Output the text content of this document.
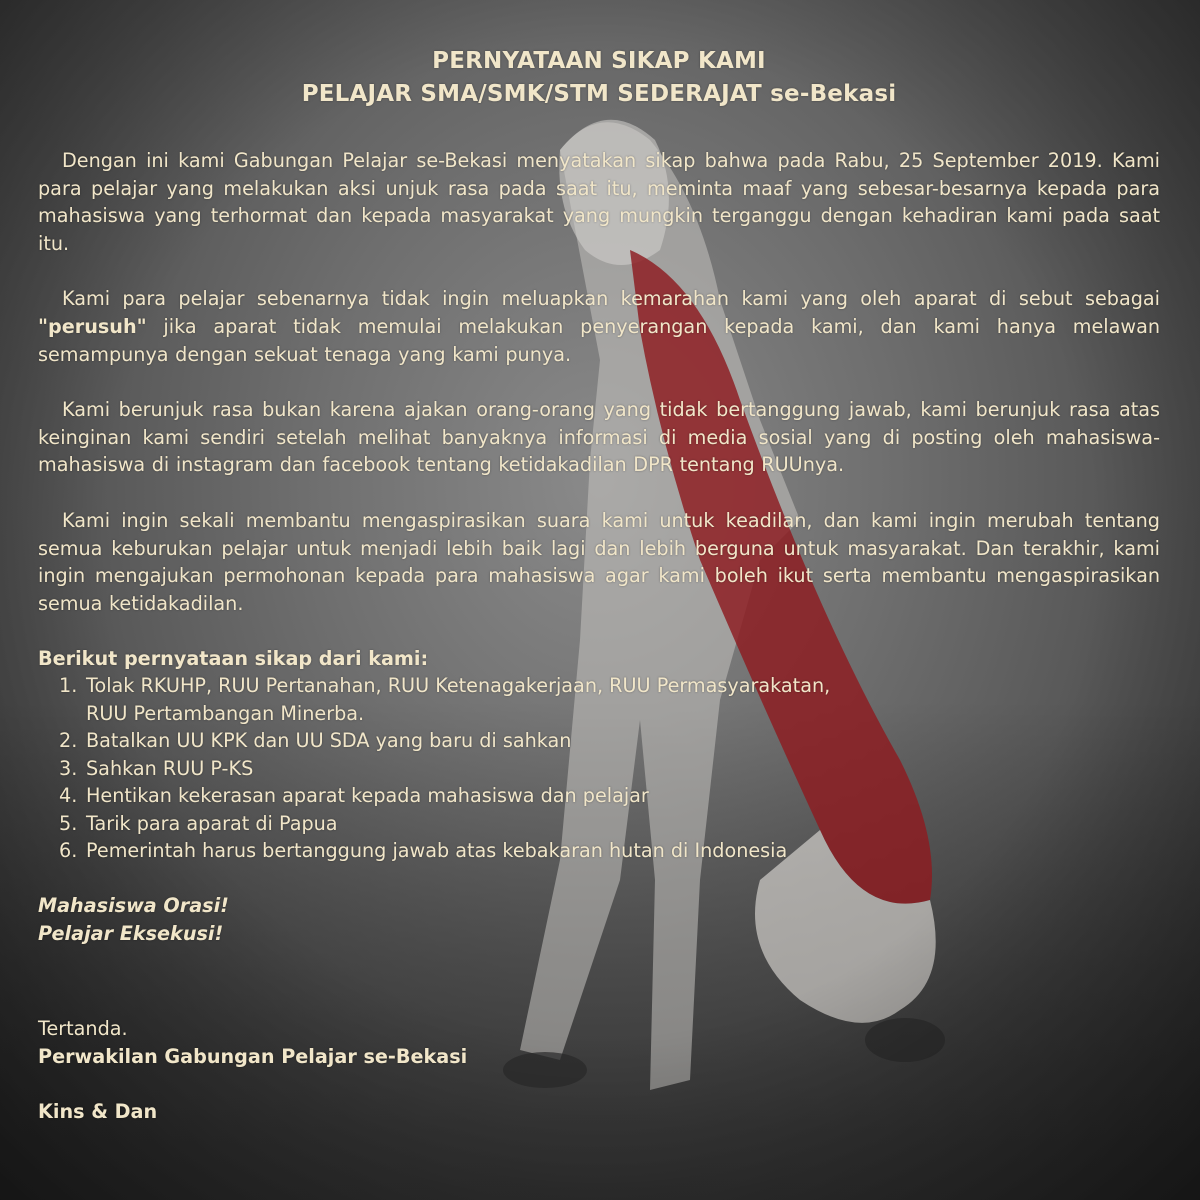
PERNYATAAN SIKAP KAMI
PELAJAR SMA/SMK/STM SEDERAJAT se-Bekasi

Dengan ini kami Gabungan Pelajar se-Bekasi menyatakan sikap bahwa pada Rabu, 25 September 2019. Kami para pelajar yang melakukan aksi unjuk rasa pada saat itu, meminta maaf yang sebesar-besarnya kepada para mahasiswa yang terhormat dan kepada masyarakat yang mungkin terganggu dengan kehadiran kami pada saat itu.

Kami para pelajar sebenarnya tidak ingin meluapkan kemarahan kami yang oleh aparat di sebut sebagai "perusuh" jika aparat tidak memulai melakukan penyerangan kepada kami, dan kami hanya melawan semampunya dengan sekuat tenaga yang kami punya.

Kami berunjuk rasa bukan karena ajakan orang-orang yang tidak bertanggung jawab, kami berunjuk rasa atas keinginan kami sendiri setelah melihat banyaknya informasi di media sosial yang di posting oleh mahasiswa-mahasiswa di instagram dan facebook tentang ketidakadilan DPR tentang RUUnya.

Kami ingin sekali membantu mengaspirasikan suara kami untuk keadilan, dan kami ingin merubah tentang semua keburukan pelajar untuk menjadi lebih baik lagi dan lebih berguna untuk masyarakat. Dan terakhir, kami ingin mengajukan permohonan kepada para mahasiswa agar kami boleh ikut serta membantu mengaspirasikan semua ketidakadilan.

Berikut pernyataan sikap dari kami:
1. Tolak RKUHP, RUU Pertanahan, RUU Ketenagakerjaan, RUU Permasyarakatan,
RUU Pertambangan Minerba.
2. Batalkan UU KPK dan UU SDA yang baru di sahkan
3. Sahkan RUU P-KS
4. Hentikan kekerasan aparat kepada mahasiswa dan pelajar
5. Tarik para aparat di Papua
6. Pemerintah harus bertanggung jawab atas kebakaran hutan di Indonesia
Mahasiswa Orasi!
Pelajar Eksekusi!
Tertanda.
Perwakilan Gabungan Pelajar se-Bekasi
Kins & Dan
